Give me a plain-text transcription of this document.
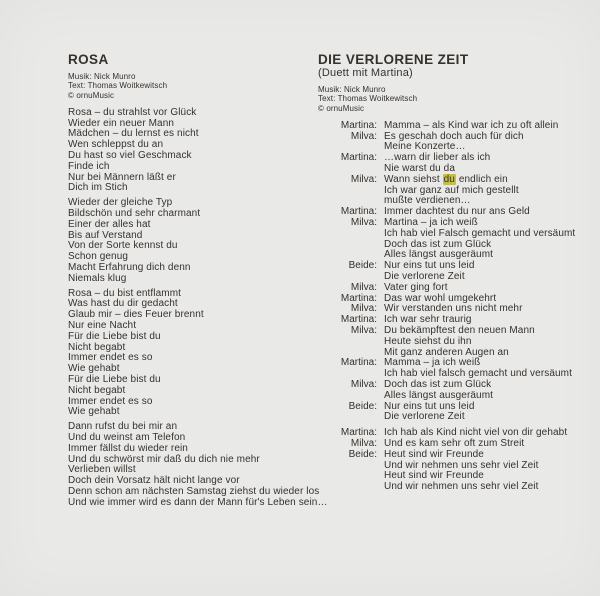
ROSA
Musik: Nick Munro
Text: Thomas Woitkewitsch
© ornuMusic
Rosa – du strahlst vor Glück
Wieder ein neuer Mann
Mädchen – du lernst es nicht
Wen schleppst du an
Du hast so viel Geschmack
Finde ich
Nur bei Männern läßt er
Dich im Stich
Wieder der gleiche Typ
Bildschön und sehr charmant
Einer der alles hat
Bis auf Verstand
Von der Sorte kennst du
Schon genug
Macht Erfahrung dich denn
Niemals klug
Rosa – du bist entflammt
Was hast du dir gedacht
Glaub mir – dies Feuer brennt
Nur eine Nacht
Für die Liebe bist du
Nicht begabt
Immer endet es so
Wie gehabt
Für die Liebe bist du
Nicht begabt
Immer endet es so
Wie gehabt
Dann rufst du bei mir an
Und du weinst am Telefon
Immer fällst du wieder rein
Und du schwörst mir daß du dich nie mehr
Verlieben willst
Doch dein Vorsatz hält nicht lange vor
Denn schon am nächsten Samstag ziehst du wieder los
Und wie immer wird es dann der Mann für's Leben sein…
DIE VERLORENE ZEIT
(Duett mit Martina)
Musik: Nick Munro
Text: Thomas Woitkewitsch
© ornuMusic
Martina: Mamma – als Kind war ich zu oft allein
Milva: Es geschah doch auch für dich
Meine Konzerte…
Martina: …warn dir lieber als ich
Nie warst du da
Milva: Wann siehst du endlich ein
Ich war ganz auf mich gestellt
mußte verdienen…
Martina: Immer dachtest du nur ans Geld
Milva: Martina – ja ich weiß
Ich hab viel Falsch gemacht und versäumt
Doch das ist zum Glück
Alles längst ausgeräumt
Beide: Nur eins tut uns leid
Die verlorene Zeit
Milva: Vater ging fort
Martina: Das war wohl umgekehrt
Milva: Wir verstanden uns nicht mehr
Martina: Ich war sehr traurig
Milva: Du bekämpftest den neuen Mann
Heute siehst du ihn
Mit ganz anderen Augen an
Martina: Mamma – ja ich weiß
Ich hab viel falsch gemacht und versäumt
Milva: Doch das ist zum Glück
Alles längst ausgeräumt
Beide: Nur eins tut uns leid
Die verlorene Zeit
Martina: Ich hab als Kind nicht viel von dir gehabt
Milva: Und es kam sehr oft zum Streit
Beide: Heut sind wir Freunde
Und wir nehmen uns sehr viel Zeit
Heut sind wir Freunde
Und wir nehmen uns sehr viel Zeit
